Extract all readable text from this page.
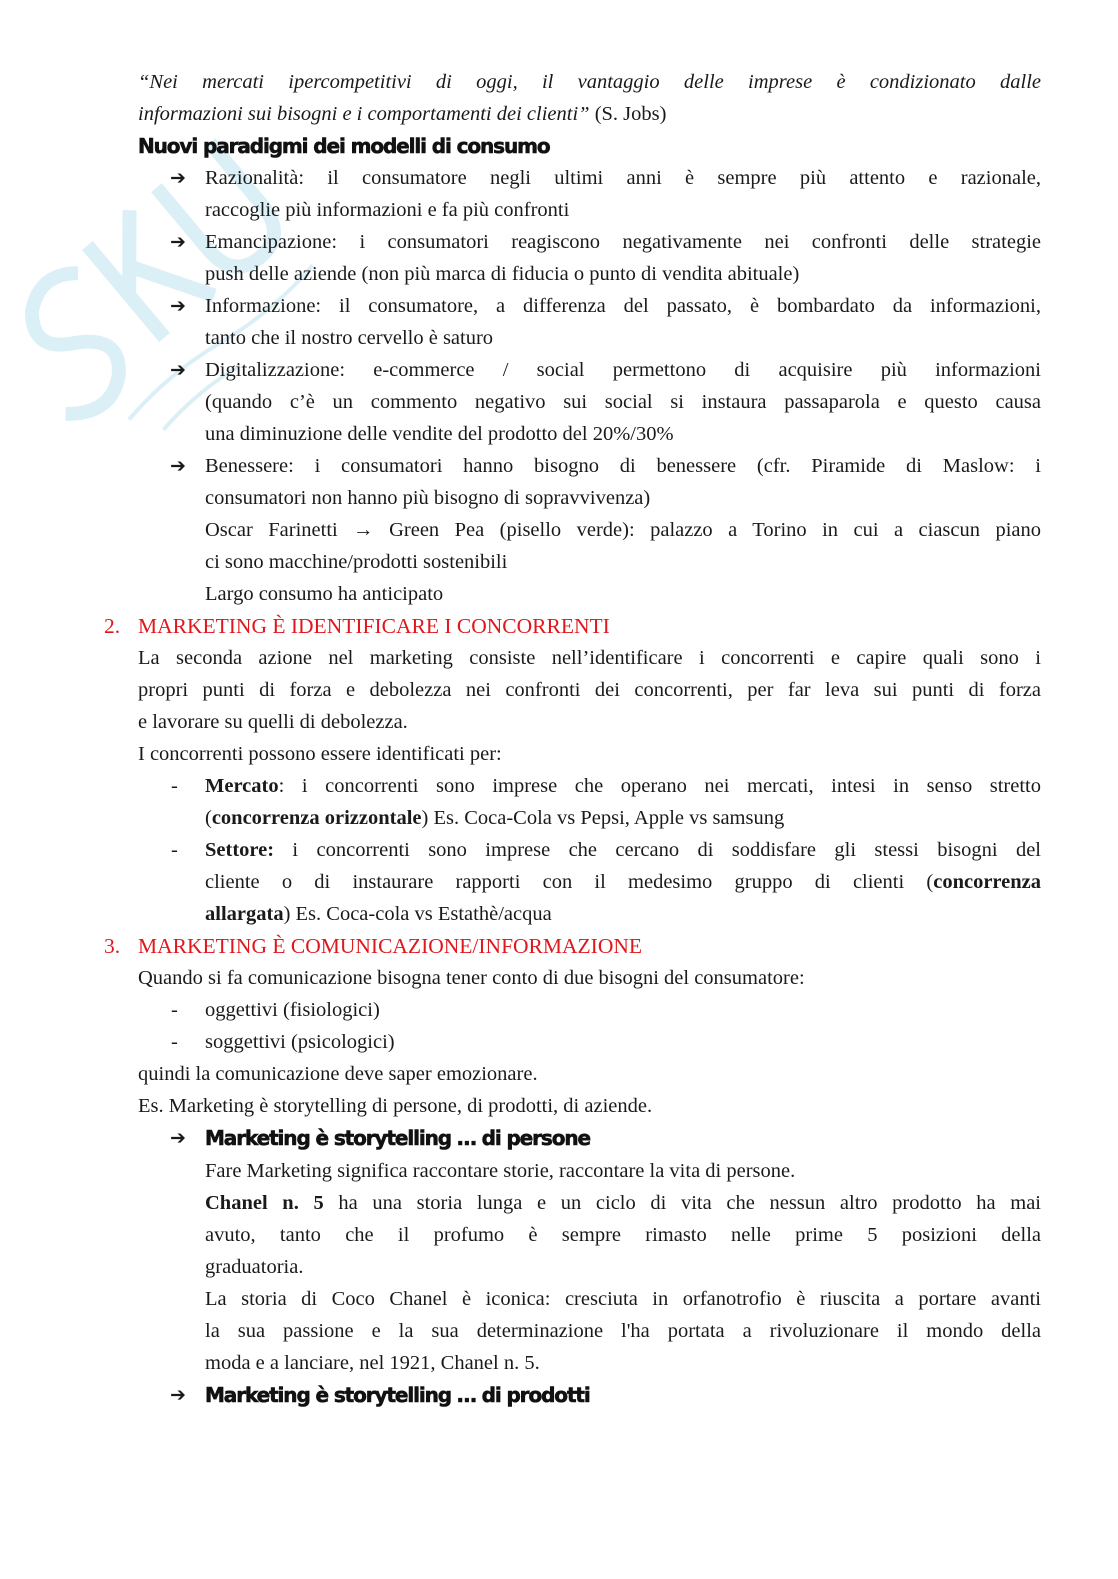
“Nei mercati ipercompetitivi di oggi, il vantaggio delle imprese è condizionato dalle
informazioni sui bisogni e i comportamenti dei clienti” (S. Jobs)
Nuovi paradigmi dei modelli di consumo
➔ Razionalità: il consumatore negli ultimi anni è sempre più attento e razionale,
raccoglie più informazioni e fa più confronti
➔ Emancipazione: i consumatori reagiscono negativamente nei confronti delle strategie
push delle aziende (non più marca di fiducia o punto di vendita abituale)
➔ Informazione: il consumatore, a differenza del passato, è bombardato da informazioni,
tanto che il nostro cervello è saturo
➔ Digitalizzazione: e-commerce / social permettono di acquisire più informazioni
(quando c’è un commento negativo sui social si instaura passaparola e questo causa
una diminuzione delle vendite del prodotto del 20%/30%
➔ Benessere: i consumatori hanno bisogno di benessere (cfr. Piramide di Maslow: i
consumatori non hanno più bisogno di sopravvivenza)
Oscar Farinetti → Green Pea (pisello verde): palazzo a Torino in cui a ciascun piano
ci sono macchine/prodotti sostenibili
Largo consumo ha anticipato
2. MARKETING È IDENTIFICARE I CONCORRENTI
La seconda azione nel marketing consiste nell’identificare i concorrenti e capire quali sono i
propri punti di forza e debolezza nei confronti dei concorrenti, per far leva sui punti di forza
e lavorare su quelli di debolezza.
I concorrenti possono essere identificati per:
- Mercato: i concorrenti sono imprese che operano nei mercati, intesi in senso stretto
(concorrenza orizzontale) Es. Coca-Cola vs Pepsi, Apple vs samsung
- Settore: i concorrenti sono imprese che cercano di soddisfare gli stessi bisogni del
cliente o di instaurare rapporti con il medesimo gruppo di clienti (concorrenza
allargata) Es. Coca-cola vs Estathè/acqua
3. MARKETING È COMUNICAZIONE/INFORMAZIONE
Quando si fa comunicazione bisogna tener conto di due bisogni del consumatore:
- oggettivi (fisiologici)
- soggettivi (psicologici)
quindi la comunicazione deve saper emozionare.
Es. Marketing è storytelling di persone, di prodotti, di aziende.
➔ Marketing è storytelling … di persone
Fare Marketing significa raccontare storie, raccontare la vita di persone.
Chanel n. 5 ha una storia lunga e un ciclo di vita che nessun altro prodotto ha mai
avuto, tanto che il profumo è sempre rimasto nelle prime 5 posizioni della
graduatoria.
La storia di Coco Chanel è iconica: cresciuta in orfanotrofio è riuscita a portare avanti
la sua passione e la sua determinazione l'ha portata a rivoluzionare il mondo della
moda e a lanciare, nel 1921, Chanel n. 5.
➔ Marketing è storytelling … di prodotti
